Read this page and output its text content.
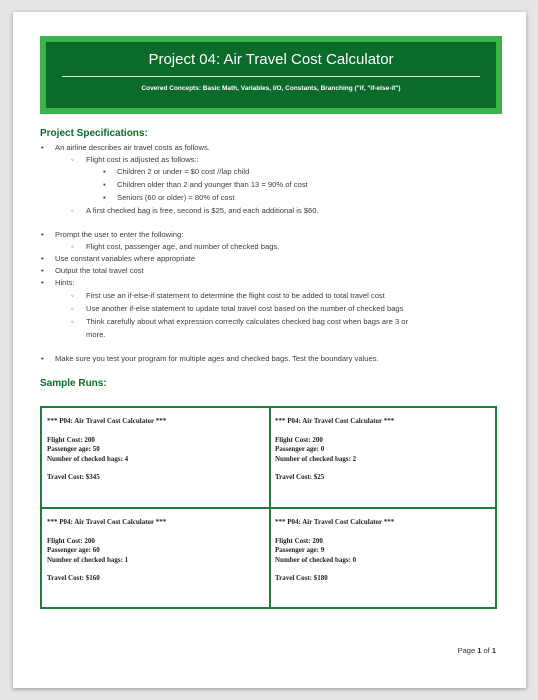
Project 04: Air Travel Cost Calculator
Covered Concepts: Basic Math, Variables, I/O, Constants, Branching ("if, "if-else-if")
Project Specifications:
•
◦
▪
▪
▪
◦
•
◦
•
•
•
◦
◦
◦
•
An airline describes air travel costs as follows.
Flight cost is adjusted as follows::
Children 2 or under = $0 cost //lap child
Children older than 2 and younger than 13 = 90% of cost
Seniors (60 or older) = 80% of cost
A first checked bag is free, second is $25, and each additional is $60.
Prompt the user to enter the following:
Flight cost, passenger age, and number of checked bags.
Use constant variables where appropriate
Output the total travel cost
Hints:
First use an if-else-if statement to determine the flight cost to be added to total travel cost
Use another if-else statement to update total travel cost based on the number of checked bags
Think carefully about what expression correctly calculates checked bag cost when bags are 3 or
more.
Make sure you test your program for multiple ages and checked bags. Test the boundary values.
Sample Runs:
*** P04: Air Travel Cost Calculator ***
Flight Cost: 200
Passenger age: 50
Number of checked bags: 4
Travel Cost: $345
*** P04: Air Travel Cost Calculator ***
Flight Cost: 200
Passenger age: 0
Number of checked bags: 2
Travel Cost: $25
*** P04: Air Travel Cost Calculator ***
Flight Cost: 200
Passenger age: 60
Number of checked bags: 1
Travel Cost: $160
*** P04: Air Travel Cost Calculator ***
Flight Cost: 200
Passenger age: 9
Number of checked bags: 0
Travel Cost: $180
Page 1 of 1
